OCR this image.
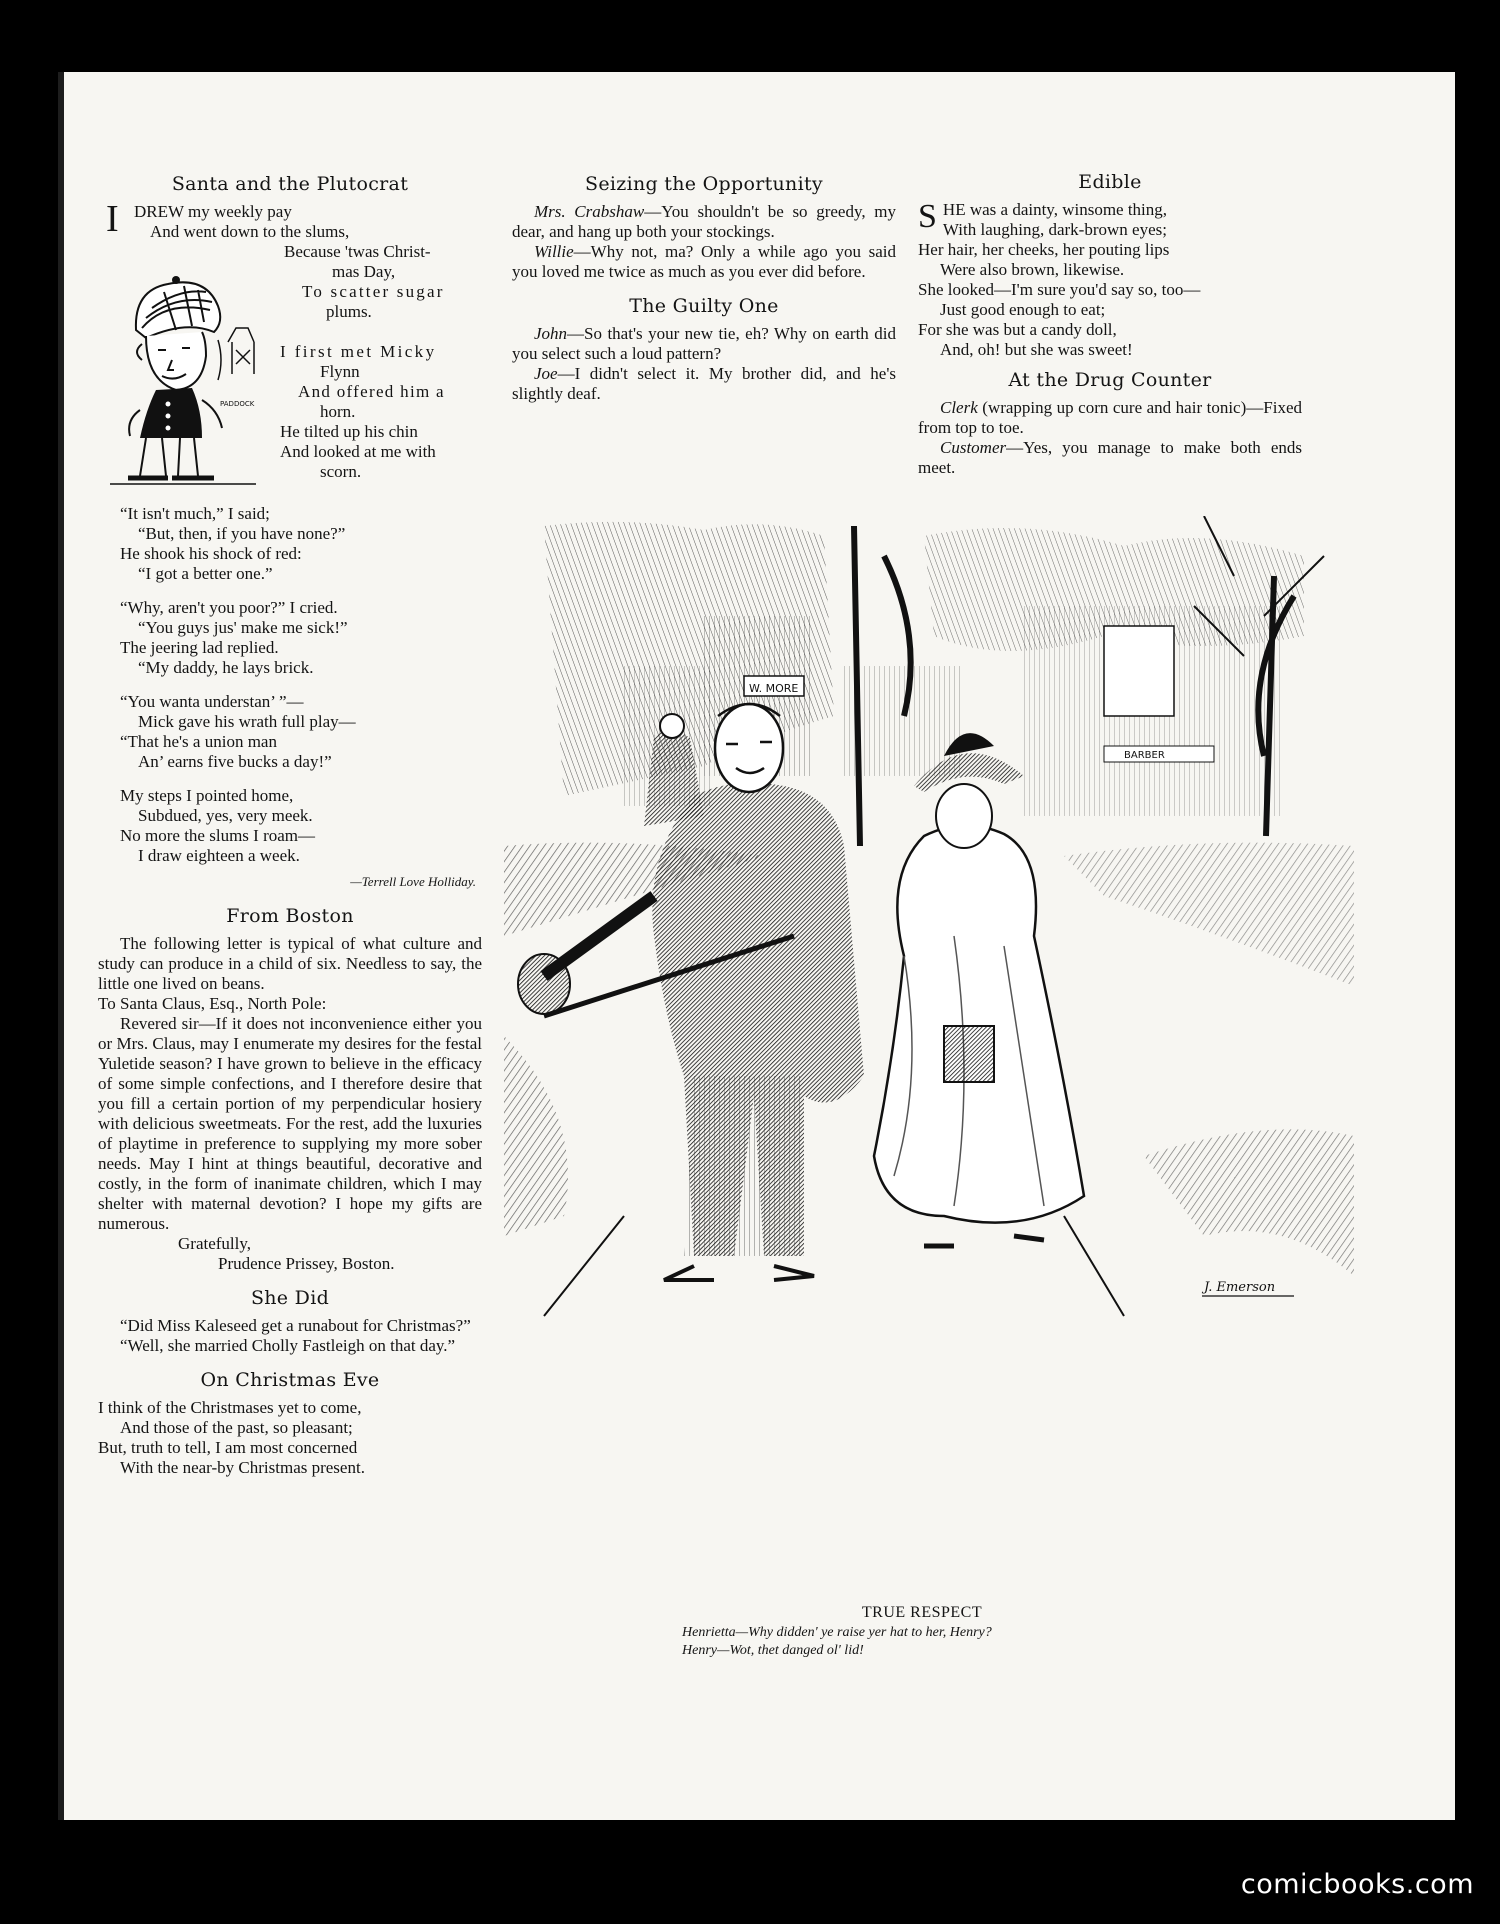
Santa and the Plutocrat
I
PADDOCK
DREW my weekly pay
And went down to the slums,

Because 'twas Christ-

mas Day,

To scatter sugar

plums.

I first met Micky

Flynn

And offered him a

horn.

He tilted up his chin

And looked at me with

scorn.

“It isn't much,” I said;

“But, then, if you have none?”

He shook his shock of red:

“I got a better one.”

“Why, aren't you poor?” I cried.

“You guys jus' make me sick!”

The jeering lad replied.

“My daddy, he lays brick.

“You wanta understan’ ”—

Mick gave his wrath full play—

“That he's a union man

An’ earns five bucks a day!”

My steps I pointed home,

Subdued, yes, very meek.

No more the slums I roam—

I draw eighteen a week.

—Terrell Love Holliday.

From Boston

The following letter is typical of what culture and study can produce in a child of six. Needless to say, the little one lived on beans.

To Santa Claus, Esq., North Pole:

Revered sir—If it does not inconvenience either you or Mrs. Claus, may I enumerate my desires for the festal Yuletide season? I have grown to believe in the efficacy of some simple confections, and I therefore desire that you fill a certain portion of my perpendicular hosiery with delicious sweetmeats. For the rest, add the luxuries of playtime in preference to supplying my more sober needs. May I hint at things beautiful, decorative and costly, in the form of inanimate children, which I may shelter with maternal devotion? I hope my gifts are numerous.

Gratefully,

Prudence Prissey, Boston.

She Did

“Did Miss Kaleseed get a runabout for Christmas?”

“Well, she married Cholly Fastleigh on that day.”

On Christmas Eve

I think of the Christmases yet to come,

And those of the past, so pleasant;

But, truth to tell, I am most concerned

With the near-by Christmas present.

Seizing the Opportunity

Mrs. Crabshaw—You shouldn't be so greedy, my dear, and hang up both your stockings.

Willie—Why not, ma? Only a while ago you said you loved me twice as much as you ever did before.

The Guilty One

John—So that's your new tie, eh? Why on earth did you select such a loud pattern?

Joe—I didn't select it. My brother did, and he's slightly deaf.

Edible
S HE was a dainty, winsome thing,

With laughing, dark-brown eyes;

Her hair, her cheeks, her pouting lips

Were also brown, likewise.

She looked—I'm sure you'd say so, too—

Just good enough to eat;

For she was but a candy doll,

And, oh! but she was sweet!

At the Drug Counter

Clerk (wrapping up corn cure and hair tonic)—Fixed from top to toe.

Customer—Yes, you manage to make both ends meet.

W. MORE
BARBER
J. Emerson
TRUE RESPECT
Henrietta—Why didden' ye raise yer hat to her, Henry?
Henry—Wot, thet danged ol' lid!
comicbooks.com
